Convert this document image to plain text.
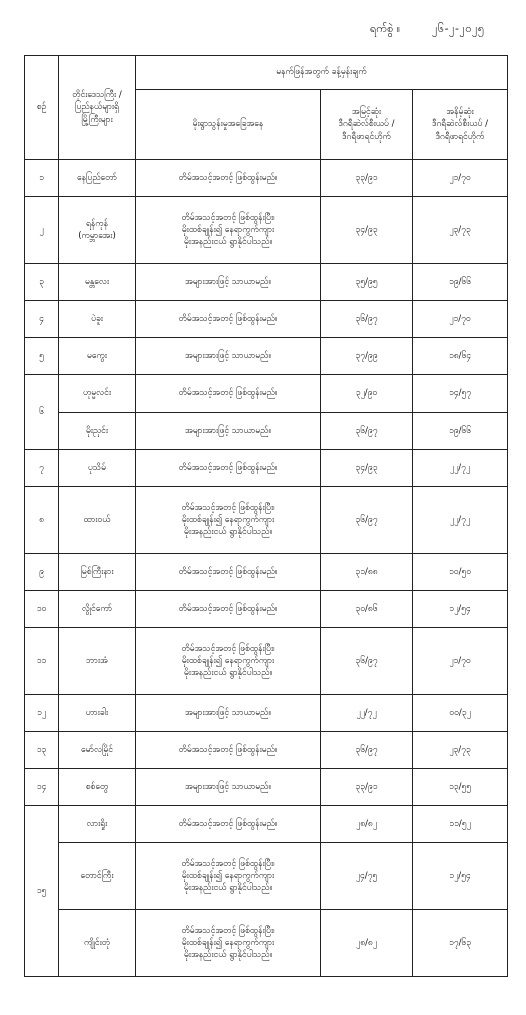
ရက်စွဲ ။	၂၆-၂-၂၀၂၅
စဉ်	တိုင်းဒေသကြီး /
ပြည်နယ်များရှိ
မြို့ကြီးများ	မနက်ဖြန်အတွက် ခန့်မှန်းချက်		
		မိုးရွာသွန်းမှုအခြေအနေ	အမြင့်ဆုံး
ဒီဂရီဆဲလ်စီးယပ် /
ဒီဂရီဖာရင်ဟိုက်	အနိမ့်ဆုံး
ဒီဂရီဆဲလ်စီးယပ် /
ဒီဂရီဖာရင်ဟိုက်
၁	နေပြည်တော်	တိမ်အသင့်အတင့် ဖြစ်ထွန်းမည်။	၃၃/၉၁	၂၁/၇၀
၂	ရန်ကုန်
(ကမ္ဘာအေး)	တိမ်အသင့်အတင့် ဖြစ်ထွန်းပြီး၊
မိုးထစ်ချုန်း၍ နေရာကွက်ကျား
မိုးအနည်းငယ် ရွာနိုင်ပါသည်။	၃၄/၉၃	၂၃/၇၃
၃	မန္တလေး	အများအားဖြင့် သာယာမည်။	၃၅/၉၅	၁၉/၆၆
၄	ပဲခူး	တိမ်အသင့်အတင့် ဖြစ်ထွန်းမည်။	၃၆/၉၇	၂၁/၇၀
၅	မကွေး	အများအားဖြင့် သာယာမည်။	၃၇/၉၉	၁၈/၆၄
၆	ဟုမ္မလင်း	တိမ်အသင့်အတင့် ဖြစ်ထွန်းမည်။	၃၂/၉၀	၁၄/၅၇
	မိုးညှင်း	အများအားဖြင့် သာယာမည်။	၃၆/၉၇	၁၉/၆၆
၇	ပုသိမ်	တိမ်အသင့်အတင့် ဖြစ်ထွန်းမည်။	၃၄/၉၃	၂၂/၇၂
၈	ထားဝယ်	တိမ်အသင့်အတင့် ဖြစ်ထွန်းပြီး၊
မိုးထစ်ချုန်း၍ နေရာကွက်ကျား
မိုးအနည်းငယ် ရွာနိုင်ပါသည်။	၃၆/၉၇	၂၂/၇၂
၉	မြစ်ကြီးနား	တိမ်အသင့်အတင့် ဖြစ်ထွန်းမည်။	၃၁/၈၈	၁၀/၅၀
၁၀	လွိုင်ကော်	တိမ်အသင့်အတင့် ဖြစ်ထွန်းမည်။	၃၀/၈၆	၁၂/၅၄
၁၁	ဘားအံ	တိမ်အသင့်အတင့် ဖြစ်ထွန်းပြီး၊
မိုးထစ်ချုန်း၍ နေရာကွက်ကျား
မိုးအနည်းငယ် ရွာနိုင်ပါသည်။	၃၆/၉၇	၂၁/၇၀
၁၂	ဟားခါး	အများအားဖြင့် သာယာမည်။	၂၂/၇၂	၀၀/၃၂
၁၃	မော်လမြိုင်	တိမ်အသင့်အတင့် ဖြစ်ထွန်းမည်။	၃၆/၉၇	၂၃/၇၃
၁၄	စစ်တွေ	အများအားဖြင့် သာယာမည်။	၃၃/၉၁	၁၃/၅၅
၁၅	လားရှိုး	တိမ်အသင့်အတင့် ဖြစ်ထွန်းမည်။	၂၈/၈၂	၁၁/၅၂
	တောင်ကြီး	တိမ်အသင့်အတင့် ဖြစ်ထွန်းပြီး၊
မိုးထစ်ချုန်း၍ နေရာကွက်ကျား
မိုးအနည်းငယ် ရွာနိုင်ပါသည်။	၂၄/၇၅	၁၂/၅၄
	ကျိုင်းတုံ	တိမ်အသင့်အတင့် ဖြစ်ထွန်းပြီး၊
မိုးထစ်ချုန်း၍ နေရာကွက်ကျား
မိုးအနည်းငယ် ရွာနိုင်ပါသည်။	၂၈/၈၂	၁၇/၆၃
